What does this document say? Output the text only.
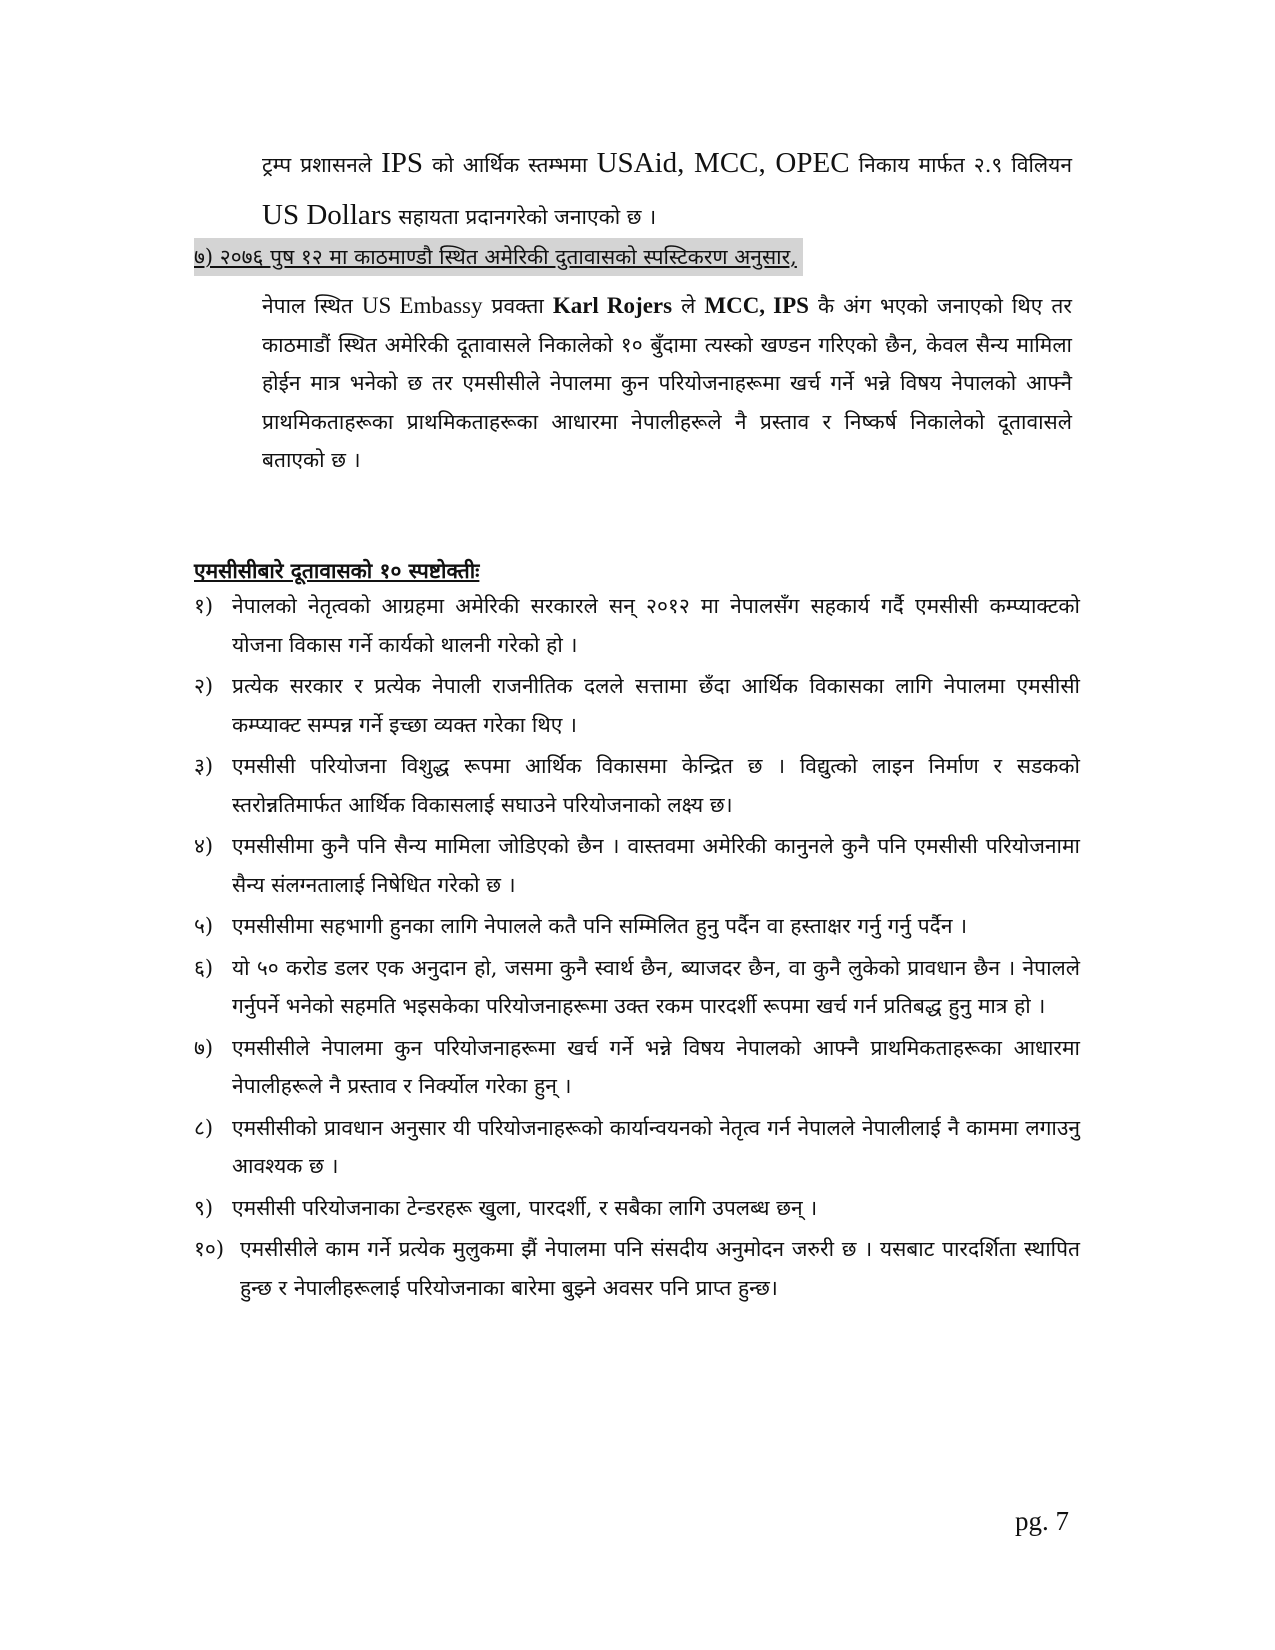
ट्रम्प प्रशासनले IPS को आर्थिक स्तम्भमा USAid, MCC, OPEC निकाय मार्फत २.९ विलियन US Dollars सहायता प्रदानगरेको जनाएको छ ।

७) २०७६ पुष १२ मा काठमाण्डौ स्थित अमेरिकी दुतावासको स्पस्टिकरण अनुसार,

नेपाल स्थित US Embassy प्रवक्ता Karl Rojers ले MCC, IPS कै अंग भएको जनाएको थिए तर काठमाडौं स्थित अमेरिकी दूतावासले निकालेको १० बुँदामा त्यस्को खण्डन गरिएको छैन, केवल सैन्य मामिला होईन मात्र भनेको छ तर एमसीसीले नेपालमा कुन परियोजनाहरूमा खर्च गर्ने भन्ने विषय नेपालको आफ्नै प्राथमिकताहरूका प्राथमिकताहरूका आधारमा नेपालीहरूले नै प्रस्ताव र निष्कर्ष निकालेको दूतावासले बताएको छ ।

एमसीसीबारे दूतावासको १० स्पष्टोक्तीः
१) नेपालको नेतृत्वको आग्रहमा अमेरिकी सरकारले सन् २०१२ मा नेपालसँग सहकार्य गर्दै एमसीसी कम्प्याक्टको योजना विकास गर्ने कार्यको थालनी गरेको हो ।
२) प्रत्येक सरकार र प्रत्येक नेपाली राजनीतिक दलले सत्तामा छँदा आर्थिक विकासका लागि नेपालमा एमसीसी कम्प्याक्ट सम्पन्न गर्ने इच्छा व्यक्त गरेका थिए ।
३) एमसीसी परियोजना विशुद्ध रूपमा आर्थिक विकासमा केन्द्रित छ । विद्युत्को लाइन निर्माण र सडकको स्तरोन्नतिमार्फत आर्थिक विकासलाई सघाउने परियोजनाको लक्ष्य छ।
४) एमसीसीमा कुनै पनि सैन्य मामिला जोडिएको छैन । वास्तवमा अमेरिकी कानुनले कुनै पनि एमसीसी परियोजनामा सैन्य संलग्नतालाई निषेधित गरेको छ ।
५) एमसीसीमा सहभागी हुनका लागि नेपालले कतै पनि सम्मिलित हुनु पर्दैन वा हस्ताक्षर गर्नु गर्नु पर्दैन ।
६) यो ५० करोड डलर एक अनुदान हो, जसमा कुनै स्वार्थ छैन, ब्याजदर छैन, वा कुनै लुकेको प्रावधान छैन । नेपालले गर्नुपर्ने भनेको सहमति भइसकेका परियोजनाहरूमा उक्त रकम पारदर्शी रूपमा खर्च गर्न प्रतिबद्ध हुनु मात्र हो ।
७) एमसीसीले नेपालमा कुन परियोजनाहरूमा खर्च गर्ने भन्ने विषय नेपालको आफ्नै प्राथमिकताहरूका आधारमा नेपालीहरूले नै प्रस्ताव र निर्क्योल गरेका हुन् ।
८) एमसीसीको प्रावधान अनुसार यी परियोजनाहरूको कार्यान्वयनको नेतृत्व गर्न नेपालले नेपालीलाई नै काममा लगाउनु आवश्यक छ ।
९) एमसीसी परियोजनाका टेन्डरहरू खुला, पारदर्शी, र सबैका लागि उपलब्ध छन् ।
१०) एमसीसीले काम गर्ने प्रत्येक मुलुकमा झैं नेपालमा पनि संसदीय अनुमोदन जरुरी छ । यसबाट पारदर्शिता स्थापित हुन्छ र नेपालीहरूलाई परियोजनाका बारेमा बुझ्ने अवसर पनि प्राप्त हुन्छ।
pg. 7
